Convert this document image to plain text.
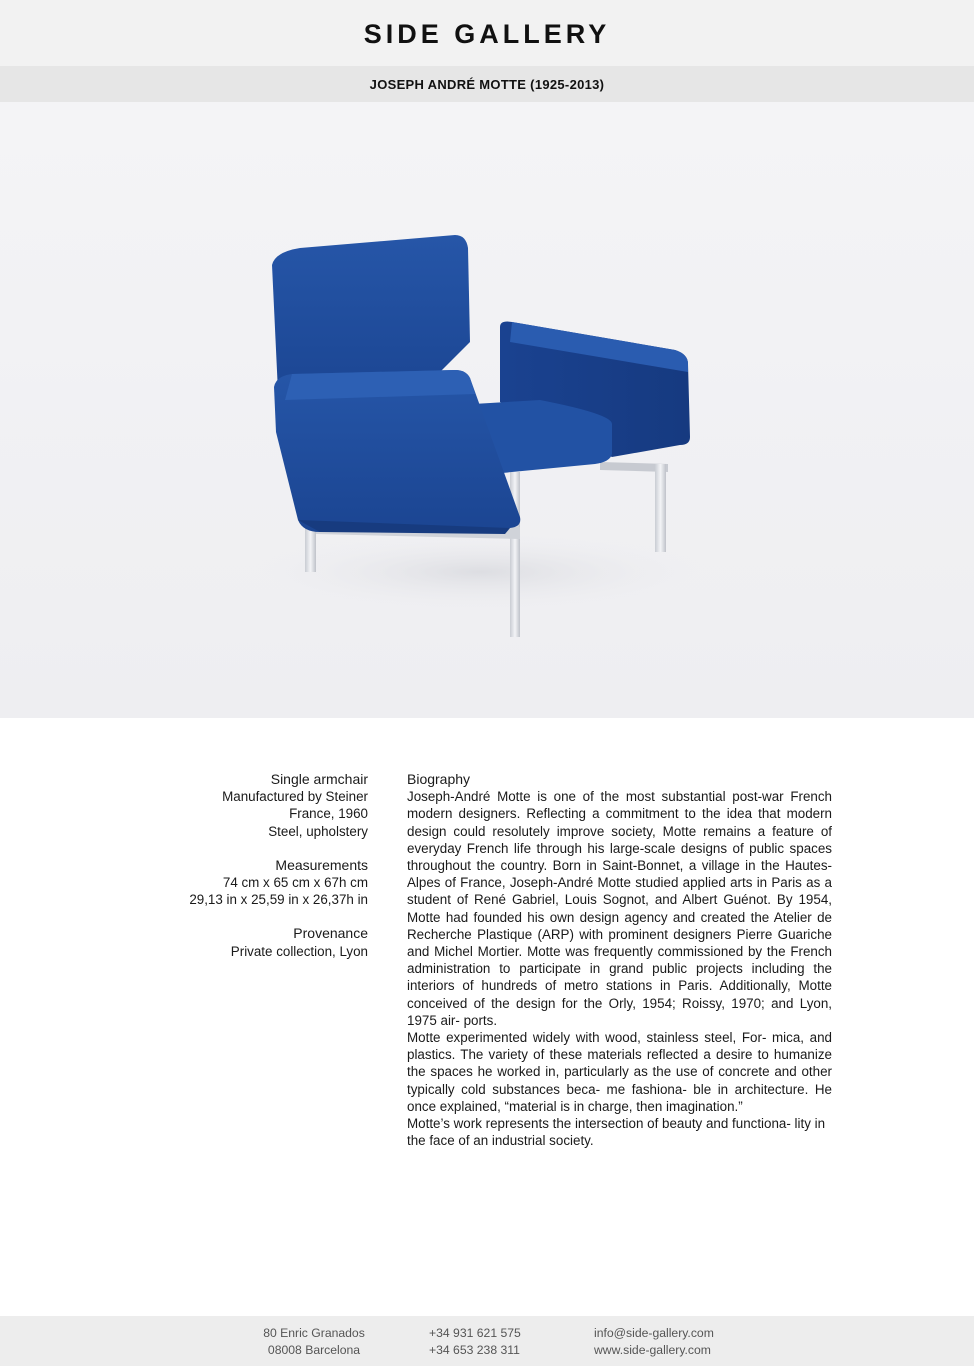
SIDE GALLERY
JOSEPH ANDRÉ MOTTE (1925-2013)
Single armchair
Manufactured by Steiner
France, 1960
Steel, upholstery
Measurements
74 cm x 65 cm x 67h cm
29,13 in x 25,59 in x 26,37h in
Provenance
Private collection, Lyon
Biography

Joseph-André Motte is one of the most substantial post-war French modern designers. Reflecting a commitment to the idea that modern design could resolutely improve society, Motte remains a feature of everyday French life through his large-scale designs of public spaces throughout the country. Born in Saint-Bonnet, a village in the Hautes-Alpes of France, Joseph-André Motte studied applied arts in Paris as a student of René Gabriel, Louis Sognot, and Albert Guénot. By 1954, Motte had founded his own design agency and created the Atelier de Recherche Plastique (ARP) with prominent designers Pierre Guariche and Michel Mortier. Motte was frequently commissioned by the French administration to participate in grand public projects including the interiors of hundreds of metro stations in Paris. Additionally, Motte conceived of the design for the Orly, 1954; Roissy, 1970; and Lyon, 1975 air- ports.

Motte experimented widely with wood, stainless steel, For- mica, and plastics. The variety of these materials reflected a desire to humanize the spaces he worked in, particularly as the use of concrete and other typically cold substances beca- me fashiona- ble in architecture. He once explained, “material is in charge, then imagination.”

Motte’s work represents the intersection of beauty and functiona- lity in the face of an industrial society.

80 Enric Granados
08008 Barcelona
+34 931 621 575
+34 653 238 311
info@side-gallery.com
www.side-gallery.com
